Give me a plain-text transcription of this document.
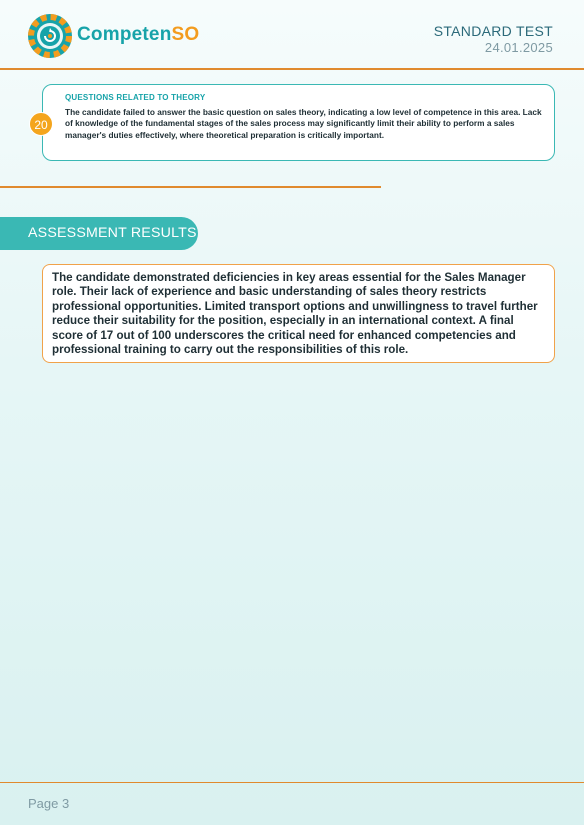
CompetenSO	STANDARD TEST
24.01.2025
QUESTIONS RELATED TO THEORY
The candidate failed to answer the basic question on sales theory, indicating a low level of competence in this area. Lack of knowledge of the fundamental stages of the sales process may significantly limit their ability to perform a sales manager's duties effectively, where theoretical preparation is critically important.
20
ASSESSMENT RESULTS
The candidate demonstrated deficiencies in key areas essential for the Sales Manager role. Their lack of experience and basic understanding of sales theory restricts professional opportunities. Limited transport options and unwillingness to travel further reduce their suitability for the position, especially in an international context. A final score of 17 out of 100 underscores the critical need for enhanced competencies and professional training to carry out the responsibilities of this role.
Page 3
